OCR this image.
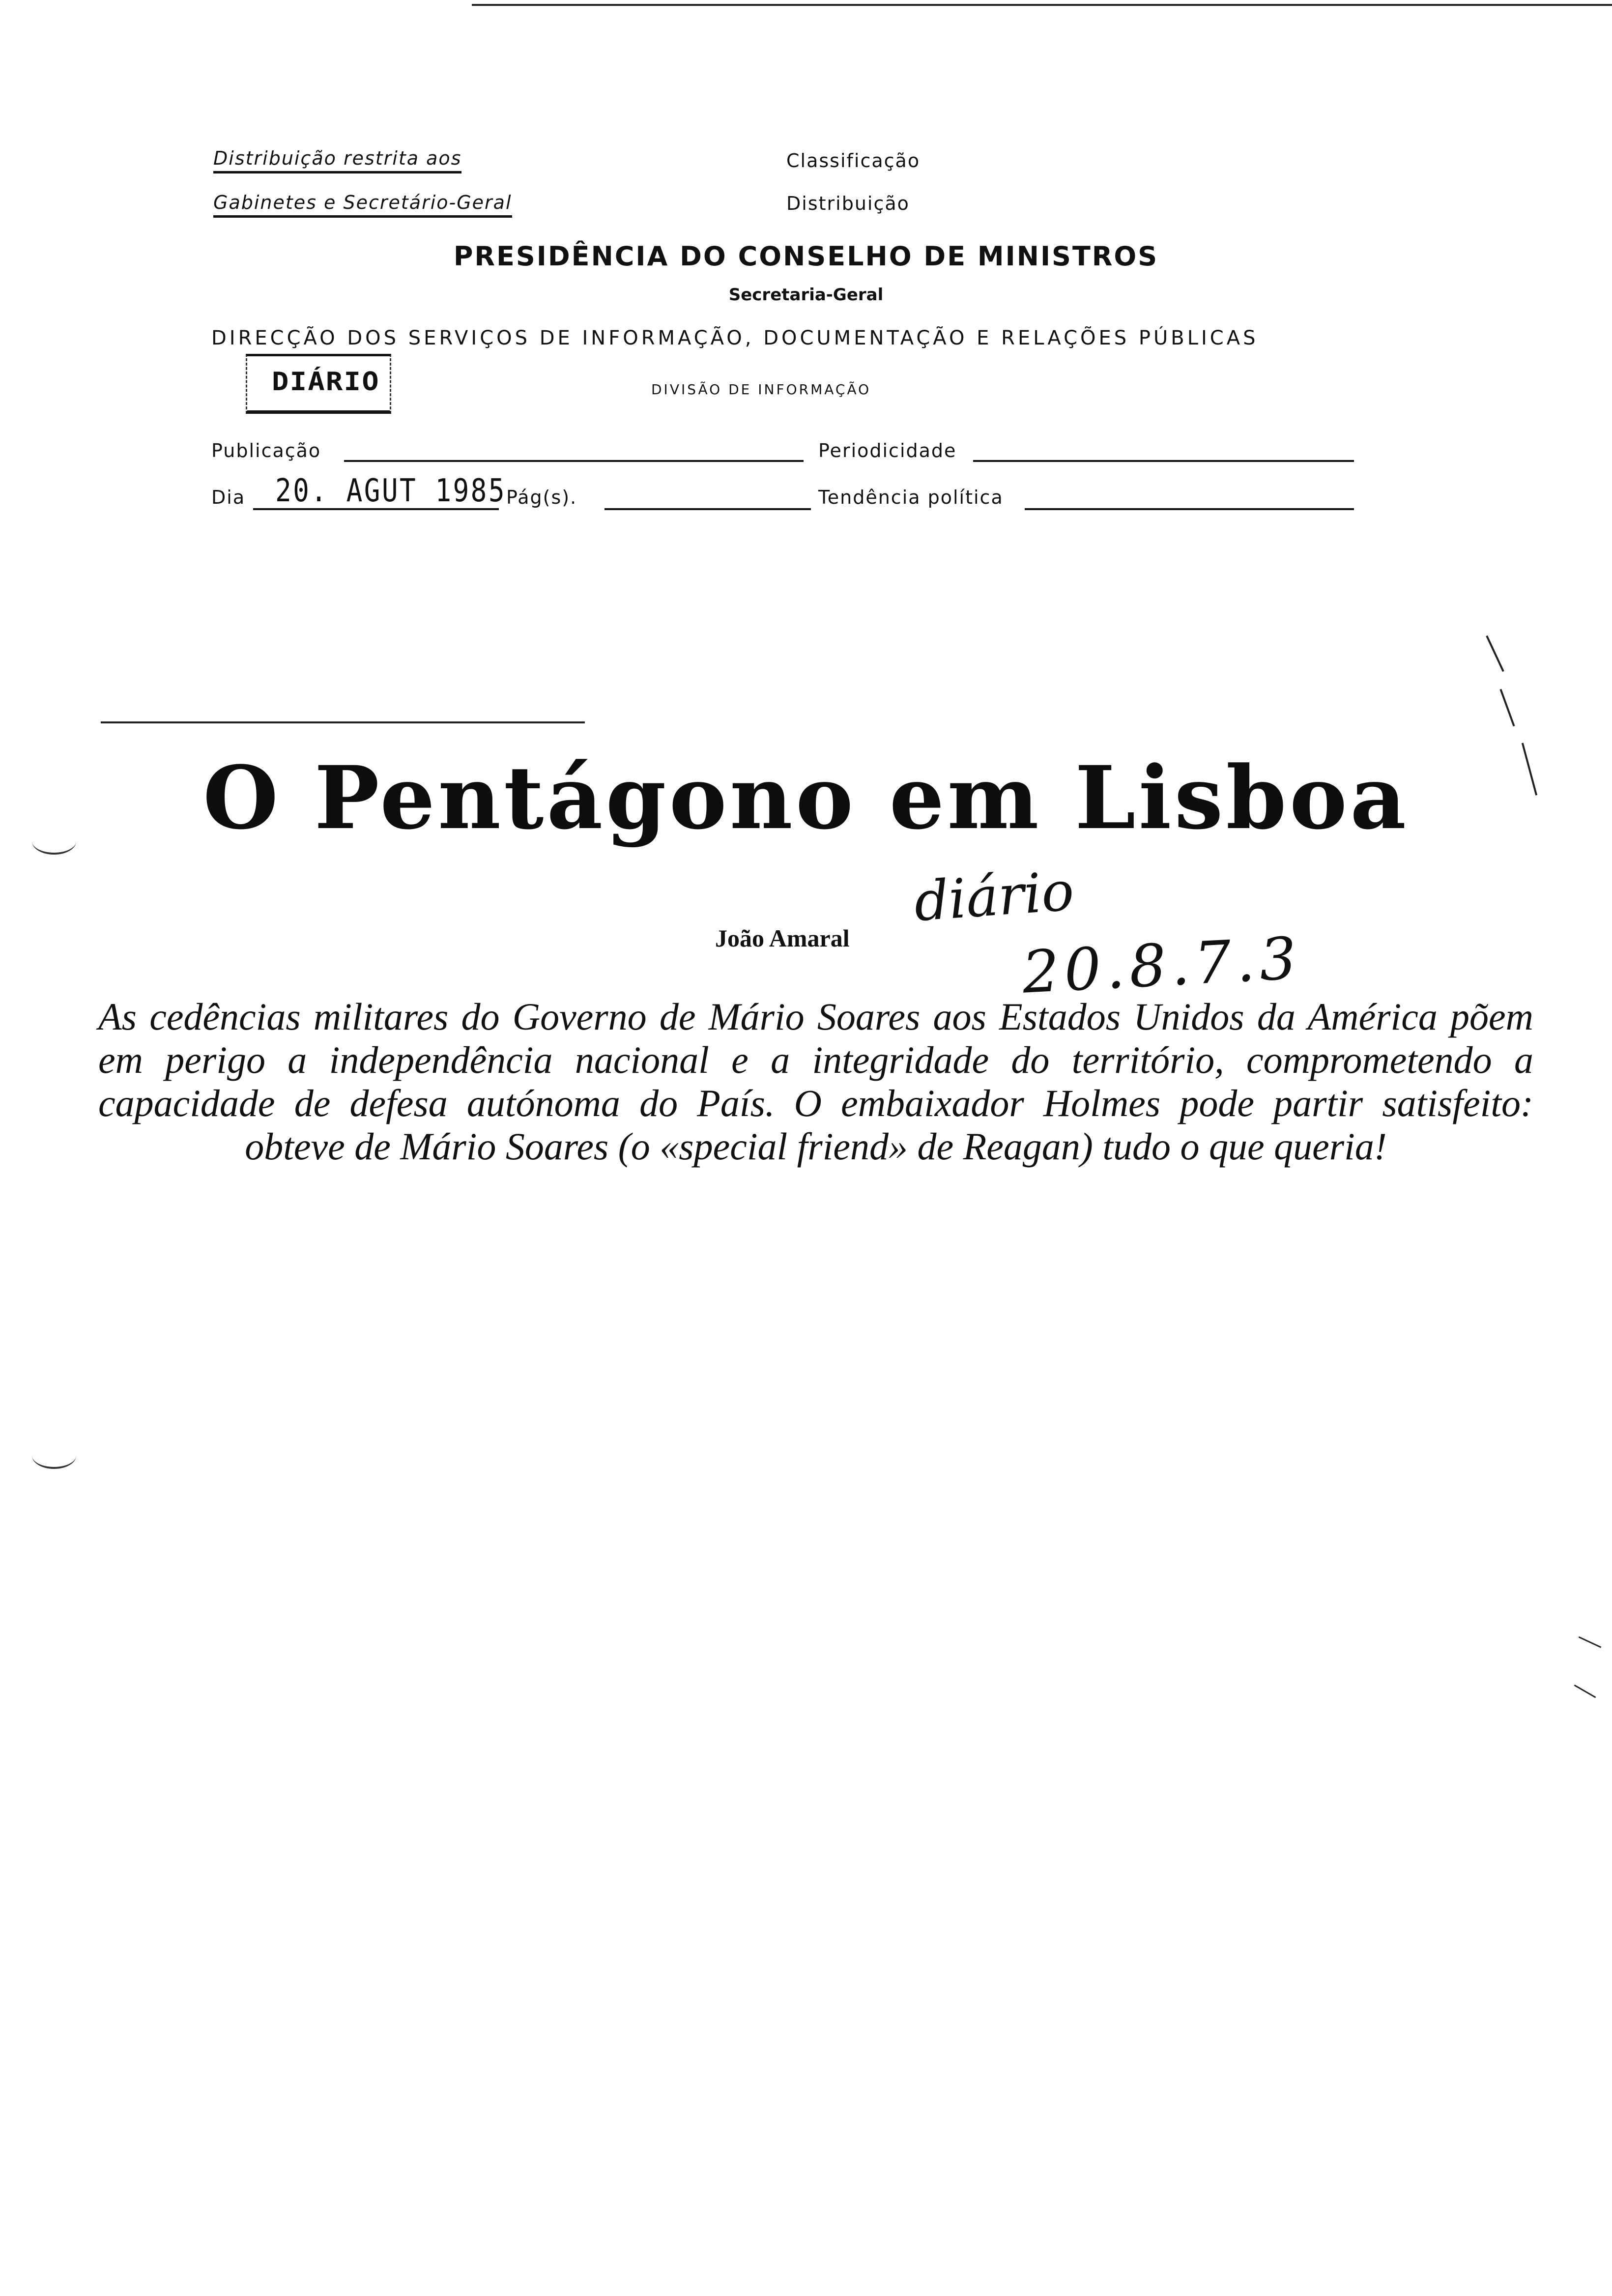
Distribuição restrita aos
Gabinetes e Secretário-Geral
Classificação
Distribuição
PRESIDÊNCIA DO CONSELHO DE MINISTROS
Secretaria-Geral
DIRECÇÃO DOS SERVIÇOS DE INFORMAÇÃO, DOCUMENTAÇÃO E RELAÇÕES PÚBLICAS
DIÁRIO	DIVISÃO DE INFORMAÇÃO
Publicação	Periodicidade
Dia 20. AGUT 1985 Pág(s).	Tendência política
O Pentágono em Lisboa
João Amaral
diário
20.8.7.3
As cedências militares do Governo de Mário Soares aos Estados Unidos da América põem em perigo a independência nacional e a integridade do território, comprometendo a capacidade de defesa autónoma do País. O embaixador Holmes pode partir satisfeito: obteve de Mário Soares (o «special friend» de Reagan) tudo o que queria!
